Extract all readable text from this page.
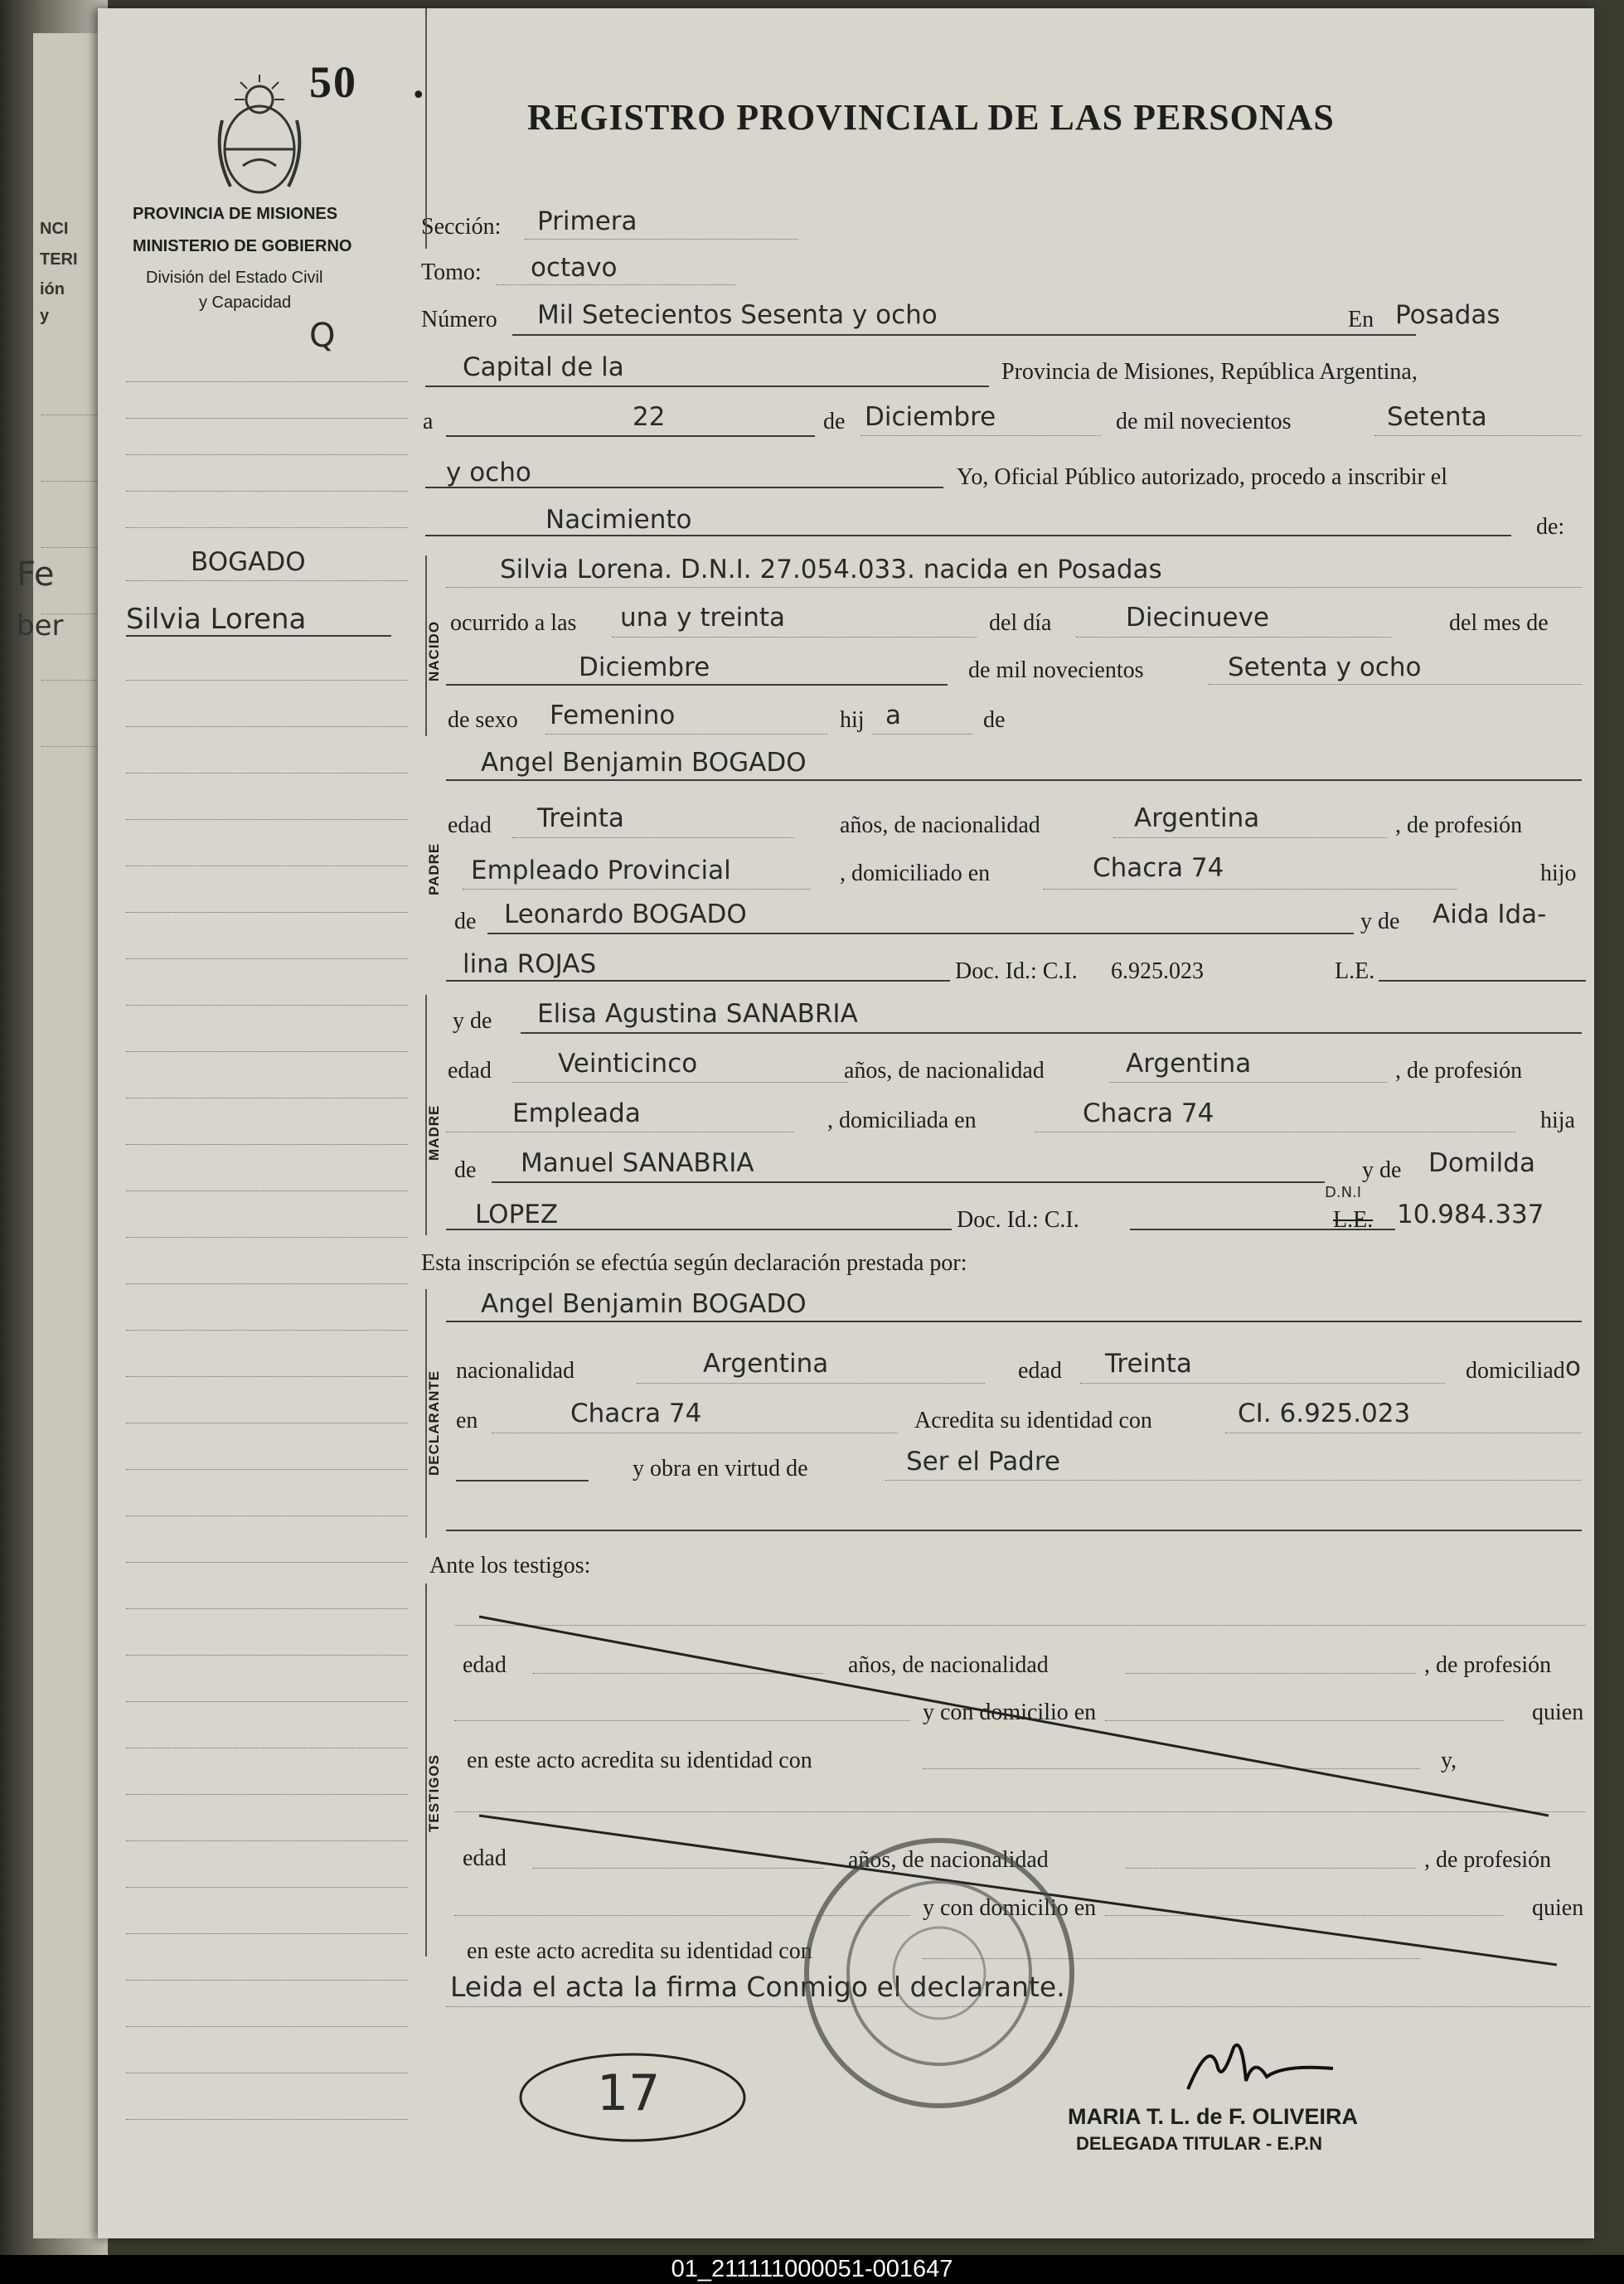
NCI
TERI
ión
y
Fe
ber
50 .
REGISTRO PROVINCIAL DE LAS PERSONAS
PROVINCIA DE MISIONES
MINISTERIO DE GOBIERNO
División del Estado Civil
y Capacidad
Q
BOGADO
Silvia Lorena
Sección: Primera
Tomo: octavo
Número Mil Setecientos Sesenta y ocho	En Posadas
Capital de la	Provincia de Misiones, República Argentina,
a	22	de Diciembre	de mil novecientos	Setenta
y ocho	Yo, Oficial Público autorizado, procedo a inscribir el
Nacimiento	de:
NACIDO
Silvia Lorena. D.N.I. 27.054.033. nacida en Posadas
ocurrido a las una y treinta	del día	Diecinueve	del mes de
Diciembre	de mil novecientos	Setenta y ocho
de sexo Femenino	hij a	de
PADRE
Angel Benjamin BOGADO
edad Treinta	años, de nacionalidad	Argentina	, de profesión
Empleado Provincial	, domiciliado en	Chacra 74	hijo
de Leonardo BOGADO	y de Aida Ida-
lina ROJAS	Doc. Id.: C.I. 6.925.023	L.E.
MADRE
y de Elisa Agustina SANABRIA
edad	Veinticinco	años, de nacionalidad	Argentina	, de profesión
Empleada	, domiciliada en	Chacra 74	hija
de Manuel SANABRIA	y de Domilda
LOPEZ	Doc. Id.: C.I.	L.E.
D.N.I
10.984.337
Esta inscripción se efectúa según declaración prestada por:
DECLARANTE
Angel Benjamin BOGADO
nacionalidad	Argentina	edad Treinta	domiciliad o
en	Chacra 74	Acredita su identidad con	CI. 6.925.023
y obra en virtud de	Ser el Padre
Ante los testigos:
TESTIGOS
edad	años, de nacionalidad	, de profesión
y con domicilio en	quien
en este acto acredita su identidad con	y,
edad	años, de nacionalidad	, de profesión
y con domicilio en	quien
en este acto acredita su identidad con
Leida el acta la firma Conmigo el declarante.
17	MARIA T. L. de F. OLIVEIRA
DELEGADA TITULAR - E.P.N
01_211111000051-001647
